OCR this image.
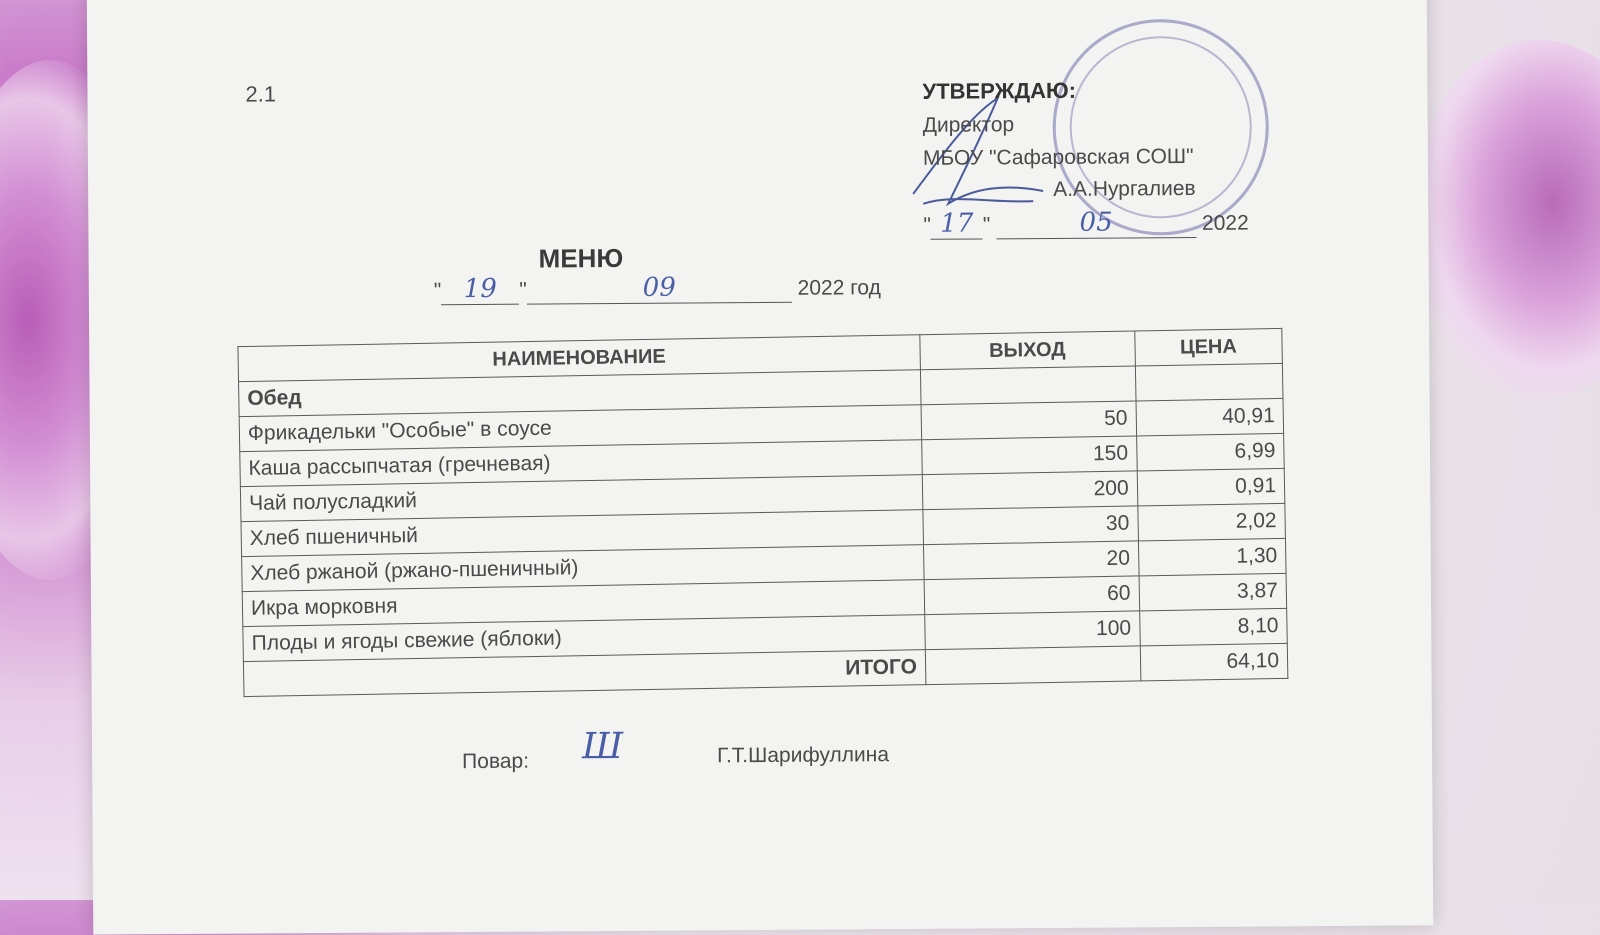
2.1	УТВЕРЖДАЮ:
Директор
МБОУ "Сафаровская СОШ"
А.А.Нургалиев
" 17 "	05	2022
МЕНЮ
" 19 "	09	2022 год
НАИМЕНОВАНИЕ	ВЫХОД	ЦЕНА
Обед		
Фрикадельки "Особые" в соусе	50	40,91
Каша рассыпчатая (гречневая)	150	6,99
Чай полусладкий	200	0,91
Хлеб пшеничный	30	2,02
Хлеб ржаной (ржано-пшеничный)	20	1,30
Икра морковня	60	3,87
Плоды и ягоды свежие (яблоки)	100	8,10
ИТОГО		64,10
Повар: Ш	Г.Т.Шарифуллина
